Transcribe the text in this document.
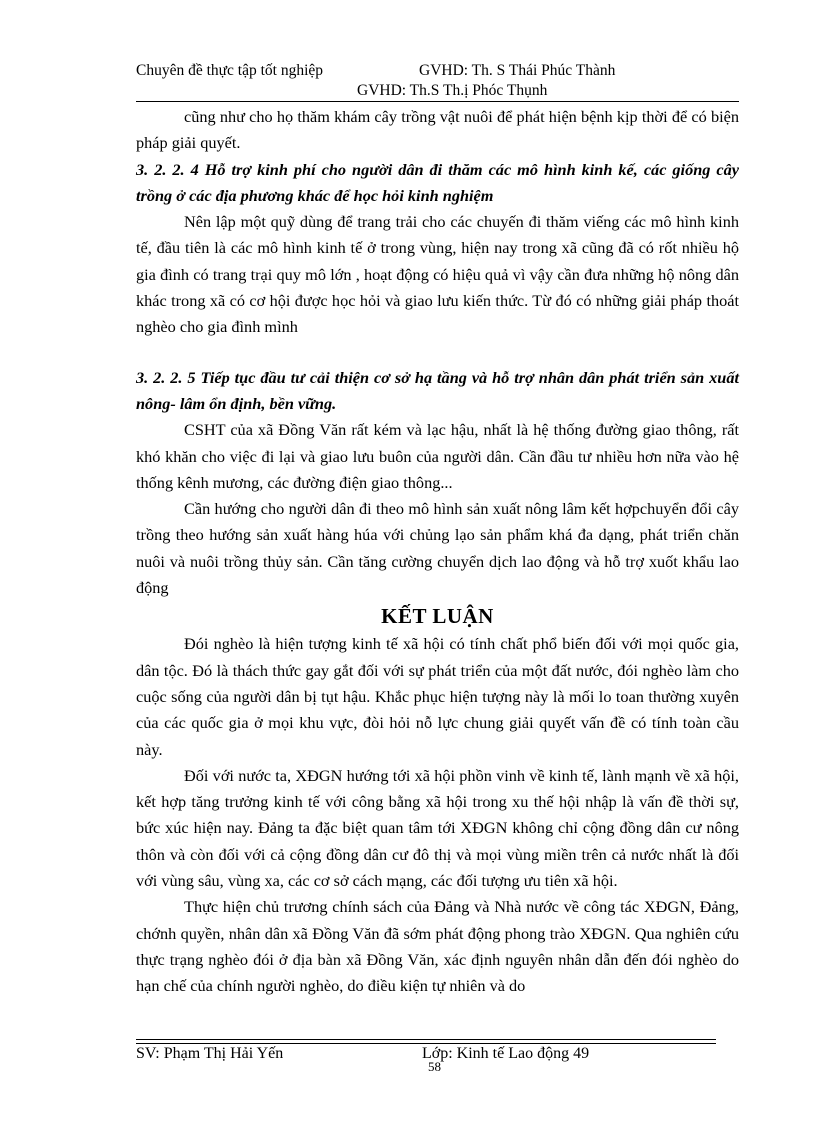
Chuyên đề thực tập tốt nghiệp	GVHD: Th. S Thái Phúc Thành
GVHD: Th.S Th.ị Phóc Thụnh

cũng như cho họ thăm khám cây trồng vật nuôi để phát hiện bệnh kịp thời để có biện pháp giải quyết.

3. 2. 2. 4 Hỗ trợ kinh phí cho người dân đi thăm các mô hình kinh kế, các giống cây trồng ở các địa phương khác để học hỏi kinh nghiệm

Nên lập một quỹ dùng để trang trải cho các chuyến đi thăm viếng các mô hình kinh tế, đầu tiên là các mô hình kinh tế ở trong vùng, hiện nay trong xã cũng đã có rốt nhiều hộ gia đình có trang trại quy mô lớn , hoạt động có hiệu quả vì vậy cần đưa những hộ nông dân khác trong xã có cơ hội được học hỏi và giao lưu kiến thức. Từ đó có những giải pháp thoát nghèo cho gia đình mình

3. 2. 2. 5 Tiếp tục đầu tư cải thiện cơ sở hạ tầng và hỗ trợ nhân dân phát triển sản xuất nông- lâm ổn định, bền vững.

CSHT của xã Đồng Văn rất kém và lạc hậu, nhất là hệ thống đường giao thông, rất khó khăn cho việc đi lại và giao lưu buôn của người dân. Cần đầu tư nhiều hơn nữa vào hệ thống kênh mương, các đường điện giao thông...

Cần hướng cho người dân đi theo mô hình sản xuất nông lâm kết hợpchuyển đổi cây trồng theo hướng sản xuất hàng húa với chủng lạo sản phẩm khá đa dạng, phát triển chăn nuôi và nuôi trồng thủy sản. Cần tăng cường chuyển dịch lao động và hỗ trợ xuốt khẩu lao động

KẾT LUẬN

Đói nghèo là hiện tượng kinh tế xã hội có tính chất phổ biến đối với mọi quốc gia, dân tộc. Đó là thách thức gay gắt đối với sự phát triển của một đất nước, đói nghèo làm cho cuộc sống của người dân bị tụt hậu. Khắc phục hiện tượng này là mối lo toan thường xuyên của các quốc gia ở mọi khu vực, đòi hỏi nỗ lực chung giải quyết vấn đề có tính toàn cầu này.

Đối với nước ta, XĐGN hướng tới xã hội phồn vinh về kinh tế, lành mạnh về xã hội, kết hợp tăng trưởng kinh tế với công bằng xã hội trong xu thế hội nhập là vấn đề thời sự, bức xúc hiện nay. Đảng ta đặc biệt quan tâm tới XĐGN không chỉ cộng đồng dân cư nông thôn và còn đối với cả cộng đồng dân cư đô thị và mọi vùng miền trên cả nước nhất là đối với vùng sâu, vùng xa, các cơ sở cách mạng, các đối tượng ưu tiên xã hội.

Thực hiện chủ trương chính sách của Đảng và Nhà nước về công tác XĐGN, Đảng, chớnh quyền, nhân dân xã Đồng Văn đã sớm phát động phong trào XĐGN. Qua nghiên cứu thực trạng nghèo đói ở địa bàn xã Đồng Văn, xác định nguyên nhân dẫn đến đói nghèo do hạn chế của chính người nghèo, do điều kiện tự nhiên và do

SV: Phạm Thị Hải Yến	Lớp: Kinh tế Lao động 49
58
